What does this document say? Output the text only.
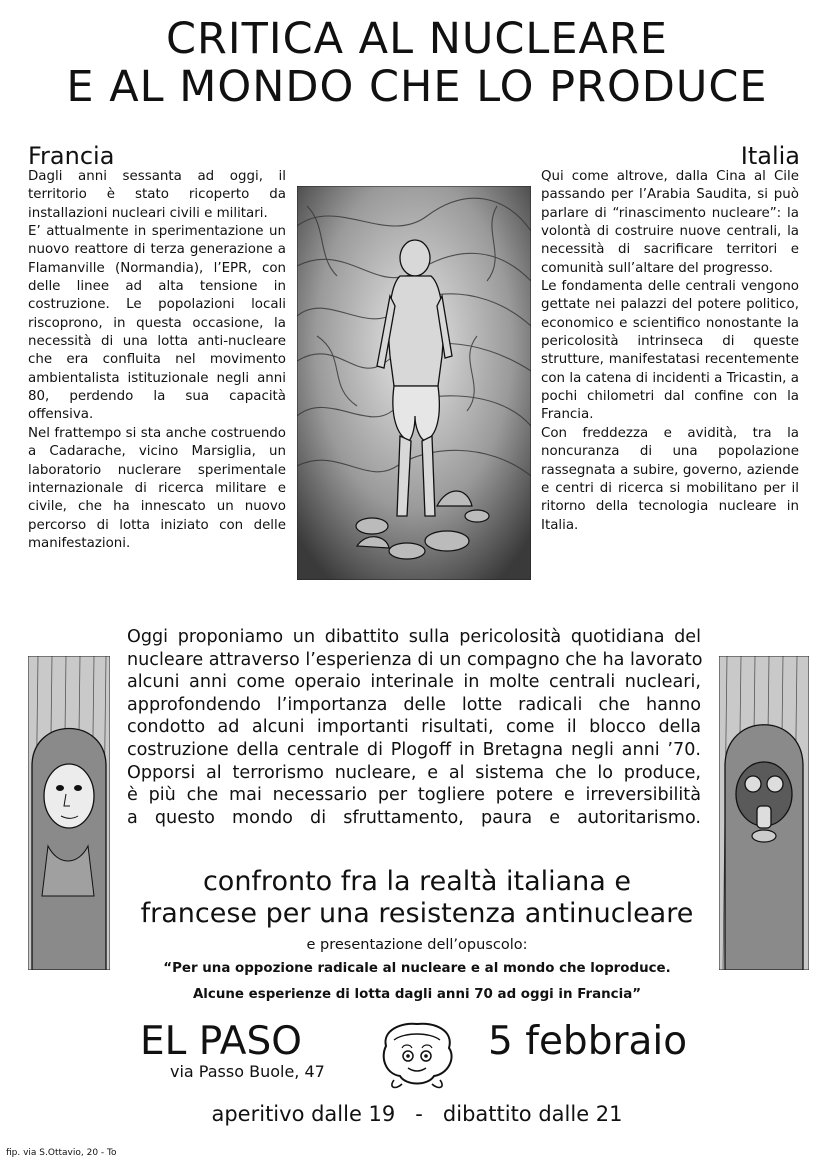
CRITICA AL NUCLEARE
E AL MONDO CHE LO PRODUCE
Francia

Dagli anni sessanta ad oggi, il territorio è stato ricoperto da installazioni nucleari civili e militari.

E’ attualmente in sperimentazione un nuovo reattore di terza generazione a Flamanville (Normandia), l’EPR, con delle linee ad alta tensione in costruzione. Le popolazioni locali riscoprono, in questa occasione, la necessità di una lotta anti-nucleare che era confluita nel movimento ambientalista istituzionale negli anni 80, perdendo la sua capacità offensiva.

Nel frattempo si sta anche costruendo a Cadarache, vicino Marsiglia, un laboratorio nuclerare sperimentale internazionale di ricerca militare e civile, che ha innescato un nuovo percorso di lotta iniziato con delle manifestazioni.

Italia

Qui come altrove, dalla Cina al Cile passando per l’Arabia Saudita, si può parlare di “rinascimento nucleare”: la volontà di costruire nuove centrali, la necessità di sacrificare territori e comunità sull’altare del progresso.

Le fondamenta delle centrali vengono gettate nei palazzi del potere politico, economico e scientifico nonostante la pericolosità intrinseca di queste strutture, manifestatasi recentemente con la catena di incidenti a Tricastin, a pochi chilometri dal confine con la Francia.

Con freddezza e avidità, tra la noncuranza di una popolazione rassegnata a subire, governo, aziende e centri di ricerca si mobilitano per il ritorno della tecnologia nucleare in Italia.

Oggi proponiamo un dibattito sulla pericolosità quotidiana del
nucleare attraverso l’esperienza di un compagno che ha lavorato
alcuni anni come operaio interinale in molte centrali nucleari,
approfondendo l’importanza delle lotte radicali che hanno
condotto ad alcuni importanti risultati, come il blocco della
costruzione della centrale di Plogoff in Bretagna negli anni ’70.
Opporsi al terrorismo nucleare, e al sistema che lo produce,
è più che mai necessario per togliere potere e irreversibilità
a questo mondo di sfruttamento, paura e autoritarismo.
confronto fra la realtà italiana e
francese per una resistenza antinucleare
e presentazione dell’opuscolo:
“Per una oppozione radicale al nucleare e al mondo che loproduce.
Alcune esperienze di lotta dagli anni 70 ad oggi in Francia”
EL PASO
via Passo Buole, 47
5 febbraio
aperitivo dalle 19   -   dibattito dalle 21
fip. via S.Ottavio, 20 - To
